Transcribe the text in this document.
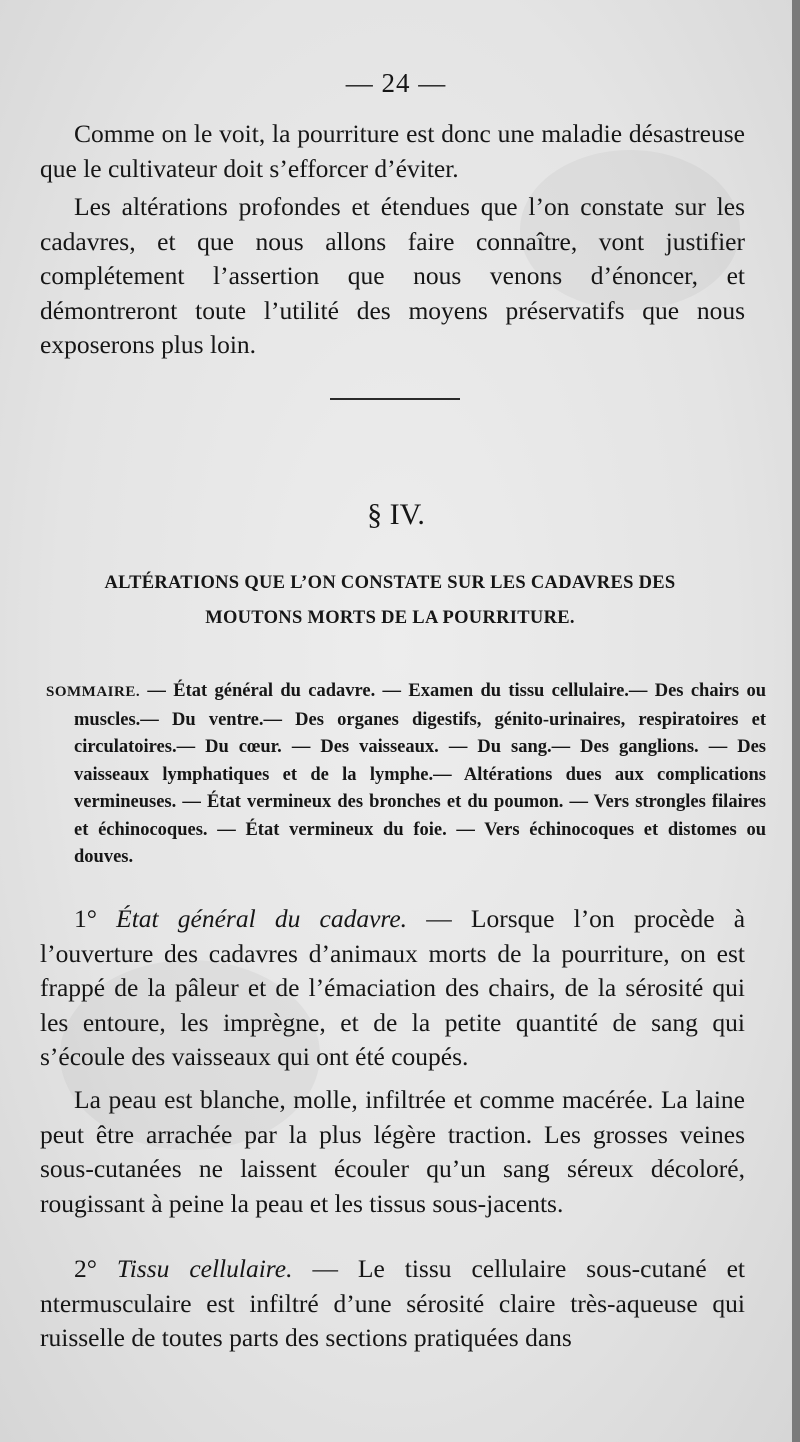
— 24 —

Comme on le voit, la pourriture est donc une maladie désastreuse que le cultivateur doit s’efforcer d’éviter.

Les altérations profondes et étendues que l’on constate sur les cadavres, et que nous allons faire connaître, vont justifier complétement l’assertion que nous venons d’énoncer, et démontreront toute l’utilité des moyens préservatifs que nous exposerons plus loin.

§ IV.

ALTÉRATIONS QUE L’ON CONSTATE SUR LES CADAVRES DES MOUTONS MORTS DE LA POURRITURE.

SOMMAIRE. — État général du cadavre. — Examen du tissu cellulaire.— Des chairs ou muscles.— Du ventre.— Des organes digestifs, génito-urinaires, respiratoires et circulatoires.— Du cœur. — Des vaisseaux. — Du sang.— Des ganglions. — Des vaisseaux lymphatiques et de la lymphe.— Altérations dues aux complications vermineuses. — État vermineux des bronches et du poumon. — Vers strongles filaires et échinocoques. — État vermineux du foie. — Vers échinocoques et distomes ou douves.

1° État général du cadavre. — Lorsque l’on procède à l’ouverture des cadavres d’animaux morts de la pourriture, on est frappé de la pâleur et de l’émaciation des chairs, de la sérosité qui les entoure, les imprègne, et de la petite quantité de sang qui s’écoule des vaisseaux qui ont été coupés.

La peau est blanche, molle, infiltrée et comme macérée. La laine peut être arrachée par la plus légère traction. Les grosses veines sous-cutanées ne laissent écouler qu’un sang séreux décoloré, rougissant à peine la peau et les tissus sous-jacents.

2° Tissu cellulaire. — Le tissu cellulaire sous-cutané et ntermusculaire est infiltré d’une sérosité claire très-aqueuse qui ruisselle de toutes parts des sections pratiquées dans
